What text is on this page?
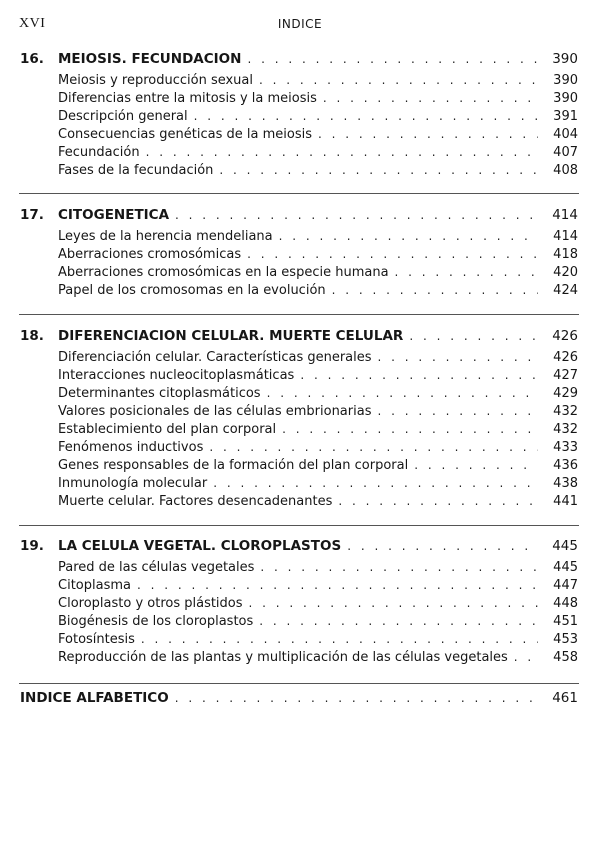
XVI	INDICE
16.	MEIOSIS. FECUNDACION . . .	390
Meiosis y reproducción sexual . . .	390
Diferencias entre la mitosis y la meiosis . . .	390
Descripción general . . .	391
Consecuencias genéticas de la meiosis . . .	404
Fecundación . . .	407
Fases de la fecundación . . .	408
17.	CITOGENETICA . . .	414
Leyes de la herencia mendeliana . . .	414
Aberraciones cromosómicas . . .	418
Aberraciones cromosómicas en la especie humana . . .	420
Papel de los cromosomas en la evolución . . .	424
18.	DIFERENCIACION CELULAR. MUERTE CELULAR . . .	426
Diferenciación celular. Características generales . . .	426
Interacciones nucleocitoplasmáticas . . .	427
Determinantes citoplasmáticos . . .	429
Valores posicionales de las células embrionarias . . .	432
Establecimiento del plan corporal . . .	432
Fenómenos inductivos . . .	433
Genes responsables de la formación del plan corporal . . .	436
Inmunología molecular . . .	438
Muerte celular. Factores desencadenantes . . .	441
19.	LA CELULA VEGETAL. CLOROPLASTOS . . .	445
Pared de las células vegetales . . .	445
Citoplasma . . .	447
Cloroplasto y otros plástidos . . .	448
Biogénesis de los cloroplastos . . .	451
Fotosíntesis . . .	453
Reproducción de las plantas y multiplicación de las células vegetales . . .	458
INDICE ALFABETICO . . .	461
